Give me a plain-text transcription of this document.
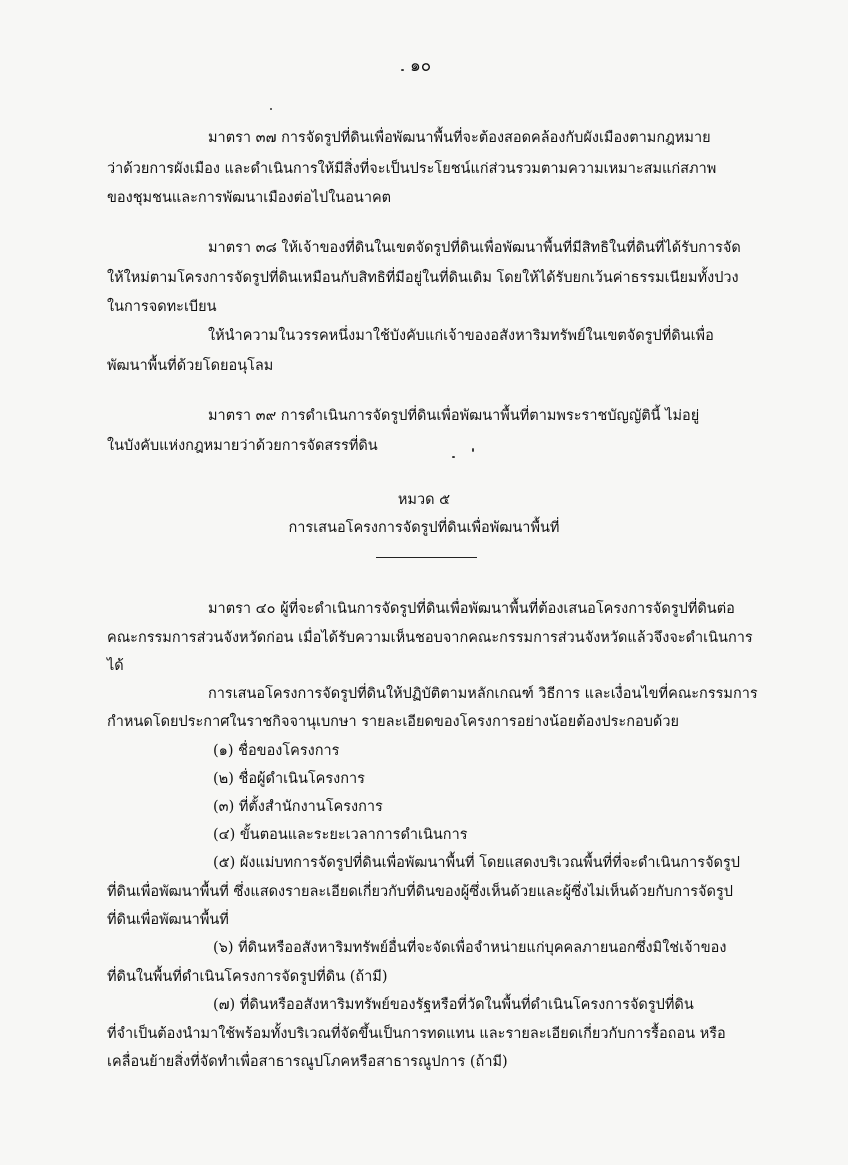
๑๐
มาตรา ๓๗ การจัดรูปที่ดินเพื่อพัฒนาพื้นที่จะต้องสอดคล้องกับผังเมืองตามกฎหมาย
ว่าด้วยการผังเมือง และดำเนินการให้มีสิ่งที่จะเป็นประโยชน์แก่ส่วนรวมตามความเหมาะสมแก่สภาพ
ของชุมชนและการพัฒนาเมืองต่อไปในอนาคต
มาตรา ๓๘ ให้เจ้าของที่ดินในเขตจัดรูปที่ดินเพื่อพัฒนาพื้นที่มีสิทธิในที่ดินที่ได้รับการจัด
ให้ใหม่ตามโครงการจัดรูปที่ดินเหมือนกับสิทธิที่มีอยู่ในที่ดินเดิม โดยให้ได้รับยกเว้นค่าธรรมเนียมทั้งปวง
ในการจดทะเบียน
ให้นำความในวรรคหนึ่งมาใช้บังคับแก่เจ้าของอสังหาริมทรัพย์ในเขตจัดรูปที่ดินเพื่อ
พัฒนาพื้นที่ด้วยโดยอนุโลม
มาตรา ๓๙ การดำเนินการจัดรูปที่ดินเพื่อพัฒนาพื้นที่ตามพระราชบัญญัตินี้ ไม่อยู่
ในบังคับแห่งกฎหมายว่าด้วยการจัดสรรที่ดิน
หมวด ๕
การเสนอโครงการจัดรูปที่ดินเพื่อพัฒนาพื้นที่
มาตรา ๔๐ ผู้ที่จะดำเนินการจัดรูปที่ดินเพื่อพัฒนาพื้นที่ต้องเสนอโครงการจัดรูปที่ดินต่อ
คณะกรรมการส่วนจังหวัดก่อน เมื่อได้รับความเห็นชอบจากคณะกรรมการส่วนจังหวัดแล้วจึงจะดำเนินการ
ได้
การเสนอโครงการจัดรูปที่ดินให้ปฏิบัติตามหลักเกณฑ์ วิธีการ และเงื่อนไขที่คณะกรรมการ
กำหนดโดยประกาศในราชกิจจานุเบกษา รายละเอียดของโครงการอย่างน้อยต้องประกอบด้วย
(๑) ชื่อของโครงการ
(๒) ชื่อผู้ดำเนินโครงการ
(๓) ที่ตั้งสำนักงานโครงการ
(๔) ขั้นตอนและระยะเวลาการดำเนินการ
(๕) ผังแม่บทการจัดรูปที่ดินเพื่อพัฒนาพื้นที่ โดยแสดงบริเวณพื้นที่ที่จะดำเนินการจัดรูป
ที่ดินเพื่อพัฒนาพื้นที่ ซึ่งแสดงรายละเอียดเกี่ยวกับที่ดินของผู้ซึ่งเห็นด้วยและผู้ซึ่งไม่เห็นด้วยกับการจัดรูป
ที่ดินเพื่อพัฒนาพื้นที่
(๖) ที่ดินหรืออสังหาริมทรัพย์อื่นที่จะจัดเพื่อจำหน่ายแก่บุคคลภายนอกซึ่งมิใช่เจ้าของ
ที่ดินในพื้นที่ดำเนินโครงการจัดรูปที่ดิน (ถ้ามี)
(๗) ที่ดินหรืออสังหาริมทรัพย์ของรัฐหรือที่วัดในพื้นที่ดำเนินโครงการจัดรูปที่ดิน
ที่จำเป็นต้องนำมาใช้พร้อมทั้งบริเวณที่จัดขึ้นเป็นการทดแทน และรายละเอียดเกี่ยวกับการรื้อถอน หรือ
เคลื่อนย้ายสิ่งที่จัดทำเพื่อสาธารณูปโภคหรือสาธารณูปการ (ถ้ามี)
